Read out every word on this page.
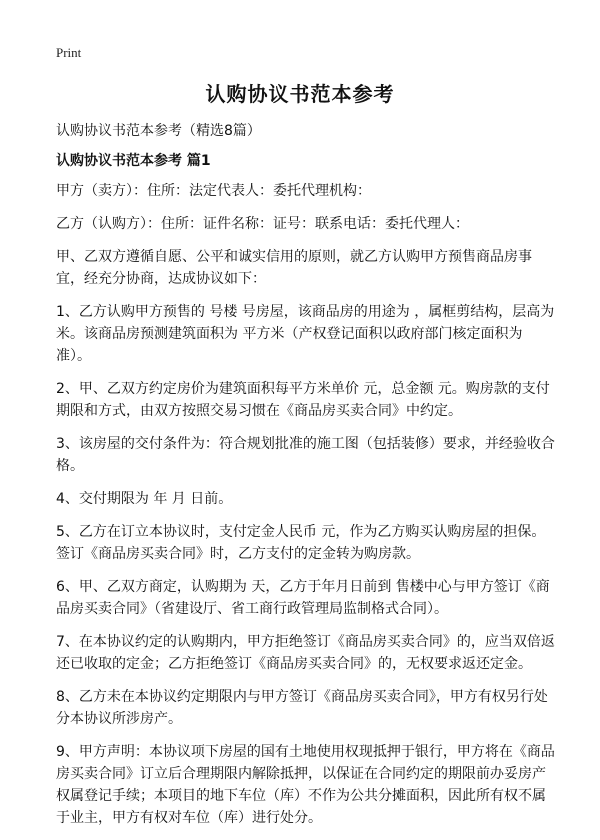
Print
认购协议书范本参考
认购协议书范本参考（精选8篇）
认购协议书范本参考 篇1

甲方（卖方）：住所：法定代表人：委托代理机构：

乙方（认购方）：住所：证件名称：证号：联系电话：委托代理人：

甲、乙双方遵循自愿、公平和诚实信用的原则，就乙方认购甲方预售商品房事宜，经充分协商，达成协议如下：

1、乙方认购甲方预售的 号楼 号房屋，该商品房的用途为 ，属框剪结构，层高为 米。该商品房预测建筑面积为 平方米（产权登记面积以政府部门核定面积为准）。

2、甲、乙双方约定房价为建筑面积每平方米单价 元，总金额 元。购房款的支付期限和方式，由双方按照交易习惯在《商品房买卖合同》中约定。

3、该房屋的交付条件为：符合规划批准的施工图（包括装修）要求，并经验收合格。

4、交付期限为 年 月 日前。

5、乙方在订立本协议时，支付定金人民币 元，作为乙方购买认购房屋的担保。签订《商品房买卖合同》时，乙方支付的定金转为购房款。

6、甲、乙双方商定，认购期为 天，乙方于年月日前到 售楼中心与甲方签订《商品房买卖合同》（省建设厅、省工商行政管理局监制格式合同）。

7、在本协议约定的认购期内，甲方拒绝签订《商品房买卖合同》的，应当双倍返还已收取的定金；乙方拒绝签订《商品房买卖合同》的，无权要求返还定金。

8、乙方未在本协议约定期限内与甲方签订《商品房买卖合同》，甲方有权另行处分本协议所涉房产。

9、甲方声明：本协议项下房屋的国有土地使用权现抵押于银行，甲方将在《商品房买卖合同》订立后合理期限内解除抵押，以保证在合同约定的期限前办妥房产权属登记手续；本项目的地下车位（库）不作为公共分摊面积，因此所有权不属于业主，甲方有权对车位（库）进行处分。
